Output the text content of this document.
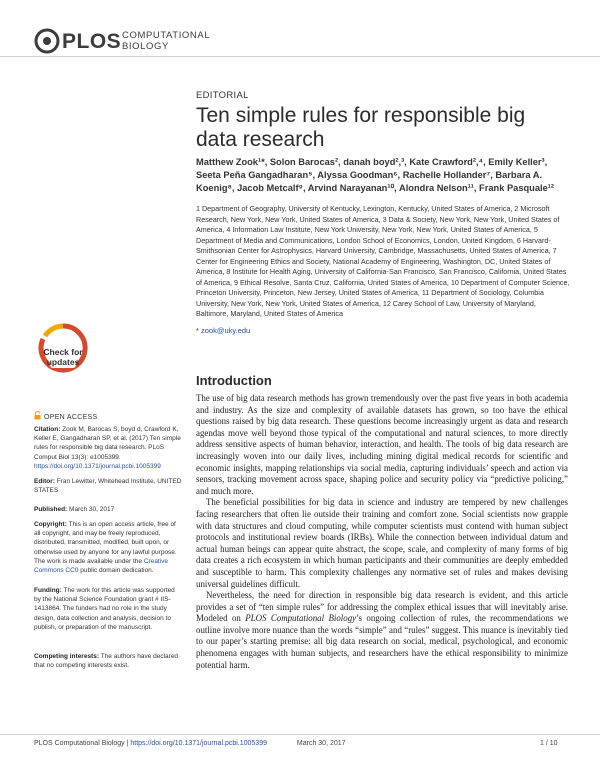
PLOS COMPUTATIONAL
BIOLOGY
EDITORIAL
Ten simple rules for responsible big data research
Matthew Zook¹*, Solon Barocas², danah boyd²,³, Kate Crawford²,⁴, Emily Keller³, Seeta Peña Gangadharan⁵, Alyssa Goodman⁶, Rachelle Hollander⁷, Barbara A. Koenig⁸, Jacob Metcalf⁹, Arvind Narayanan¹⁰, Alondra Nelson¹¹, Frank Pasquale¹²
1 Department of Geography, University of Kentucky, Lexington, Kentucky, United States of America, 2 Microsoft Research, New York, New York, United States of America, 3 Data & Society, New York, New York, United States of America, 4 Information Law Institute, New York University, New York, New York, United States of America, 5 Department of Media and Communications, London School of Economics, London, United Kingdom, 6 Harvard-Smithsonian Center for Astrophysics, Harvard University, Cambridge, Massachusetts, United States of America, 7 Center for Engineering Ethics and Society, National Academy of Engineering, Washington, DC, United States of America, 8 Institute for Health Aging, University of California-San Francisco, San Francisco, California, United States of America, 9 Ethical Resolve, Santa Cruz, California, United States of America, 10 Department of Computer Science, Princeton University, Princeton, New Jersey, United States of America, 11 Department of Sociology, Columbia University, New York, New York, United States of America, 12 Carey School of Law, University of Maryland, Baltimore, Maryland, United States of America
* zook@uky.edu
Check for
updates
OPEN ACCESS
Citation: Zook M, Barocas S, boyd d, Crawford K, Keller E, Gangadharan SP, et al. (2017) Ten simple rules for responsible big data research. PLoS Comput Biol 13(3): e1005399. https://doi.org/10.1371/journal.pcbi.1005399
Editor: Fran Lewitter, Whitehead Institute, UNITED STATES
Published: March 30, 2017
Copyright: This is an open access article, free of all copyright, and may be freely reproduced, distributed, transmitted, modified, built upon, or otherwise used by anyone for any lawful purpose. The work is made available under the Creative Commons CC0 public domain dedication.
Funding: The work for this article was supported by the National Science Foundation grant # IIS-1413864. The funders had no role in the study design, data collection and analysis, decision to publish, or preparation of the manuscript.
Competing interests: The authors have declared that no competing interests exist.
Introduction

The use of big data research methods has grown tremendously over the past five years in both academia and industry. As the size and complexity of available datasets has grown, so too have the ethical questions raised by big data research. These questions become increasingly urgent as data and research agendas move well beyond those typical of the computational and natural sciences, to more directly address sensitive aspects of human behavior, interaction, and health. The tools of big data research are increasingly woven into our daily lives, including mining digital medical records for scientific and economic insights, mapping relationships via social media, capturing individuals’ speech and action via sensors, tracking movement across space, shaping police and security policy via “predictive policing,” and much more.

The beneficial possibilities for big data in science and industry are tempered by new challenges facing researchers that often lie outside their training and comfort zone. Social scientists now grapple with data structures and cloud computing, while computer scientists must contend with human subject protocols and institutional review boards (IRBs). While the connection between individual datum and actual human beings can appear quite abstract, the scope, scale, and complexity of many forms of big data creates a rich ecosystem in which human participants and their communities are deeply embedded and susceptible to harm. This complexity challenges any normative set of rules and makes devising universal guidelines difficult.

Nevertheless, the need for direction in responsible big data research is evident, and this article provides a set of “ten simple rules” for addressing the complex ethical issues that will inevitably arise. Modeled on PLOS Computational Biology’s ongoing collection of rules, the recommendations we outline involve more nuance than the words “simple” and “rules” suggest. This nuance is inevitably tied to our paper’s starting premise: all big data research on social, medical, psychological, and economic phenomena engages with human subjects, and researchers have the ethical responsibility to minimize potential harm.

PLOS Computational Biology | https://doi.org/10.1371/journal.pcbi.1005399	March 30, 2017	1 / 10
